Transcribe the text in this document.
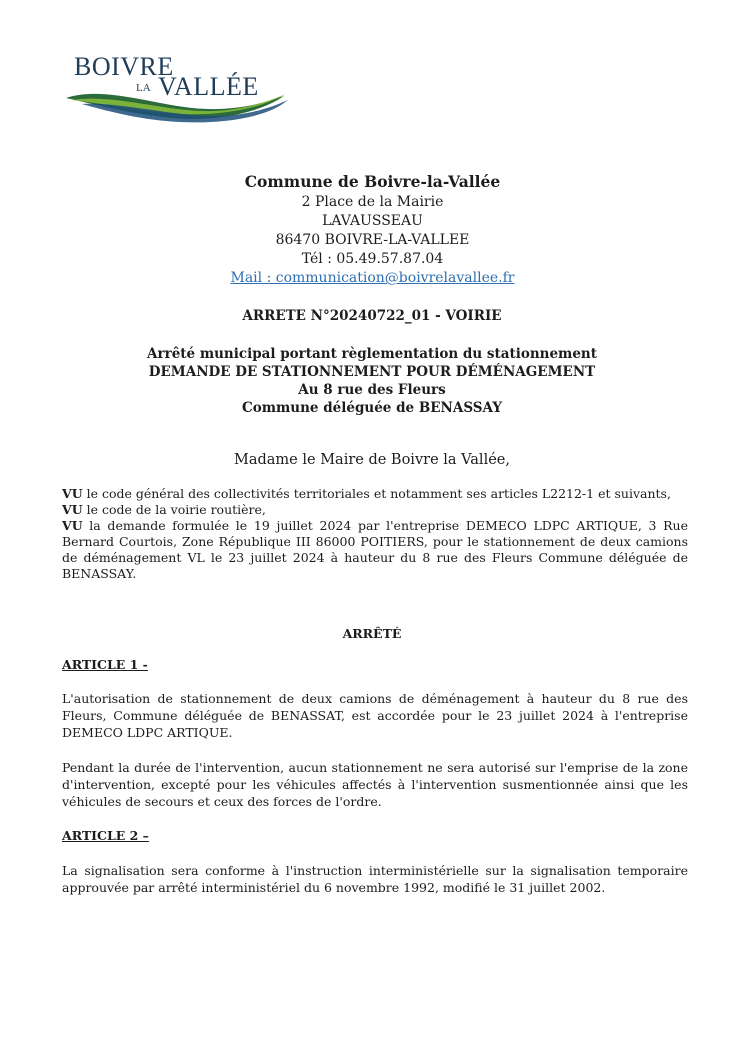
BOIVRE
LA VALLÉE
Commune de Boivre-la-Vallée
2 Place de la Mairie
LAVAUSSEAU
86470 BOIVRE-LA-VALLEE
Tél : 05.49.57.87.04
Mail : communication@boivrelavallee.fr
ARRETE N°20240722_01 - VOIRIE
Arrêté municipal portant règlementation du stationnement
DEMANDE DE STATIONNEMENT POUR DÉMÉNAGEMENT
Au 8 rue des Fleurs
Commune déléguée de BENASSAY
Madame le Maire de Boivre la Vallée,

VU le code général des collectivités territoriales et notamment ses articles L2212-1 et suivants,

VU le code de la voirie routière,

VU la demande formulée le 19 juillet 2024 par l'entreprise DEMECO LDPC ARTIQUE, 3 Rue Bernard Courtois, Zone République III 86000 POITIERS, pour le stationnement de deux camions de déménagement VL le 23 juillet 2024 à hauteur du 8 rue des Fleurs Commune déléguée de BENASSAY.

ARRÊTÉ
ARTICLE 1 -

L'autorisation de stationnement de deux camions de déménagement à hauteur du 8 rue des Fleurs, Commune déléguée de BENASSAT, est accordée pour le 23 juillet 2024 à l'entreprise DEMECO LDPC ARTIQUE.

Pendant la durée de l'intervention, aucun stationnement ne sera autorisé sur l'emprise de la zone d'intervention, excepté pour les véhicules affectés à l'intervention susmentionnée ainsi que les véhicules de secours et ceux des forces de l'ordre.

ARTICLE 2 –

La signalisation sera conforme à l'instruction interministérielle sur la signalisation temporaire approuvée par arrêté interministériel du 6 novembre 1992, modifié le 31 juillet 2002.
